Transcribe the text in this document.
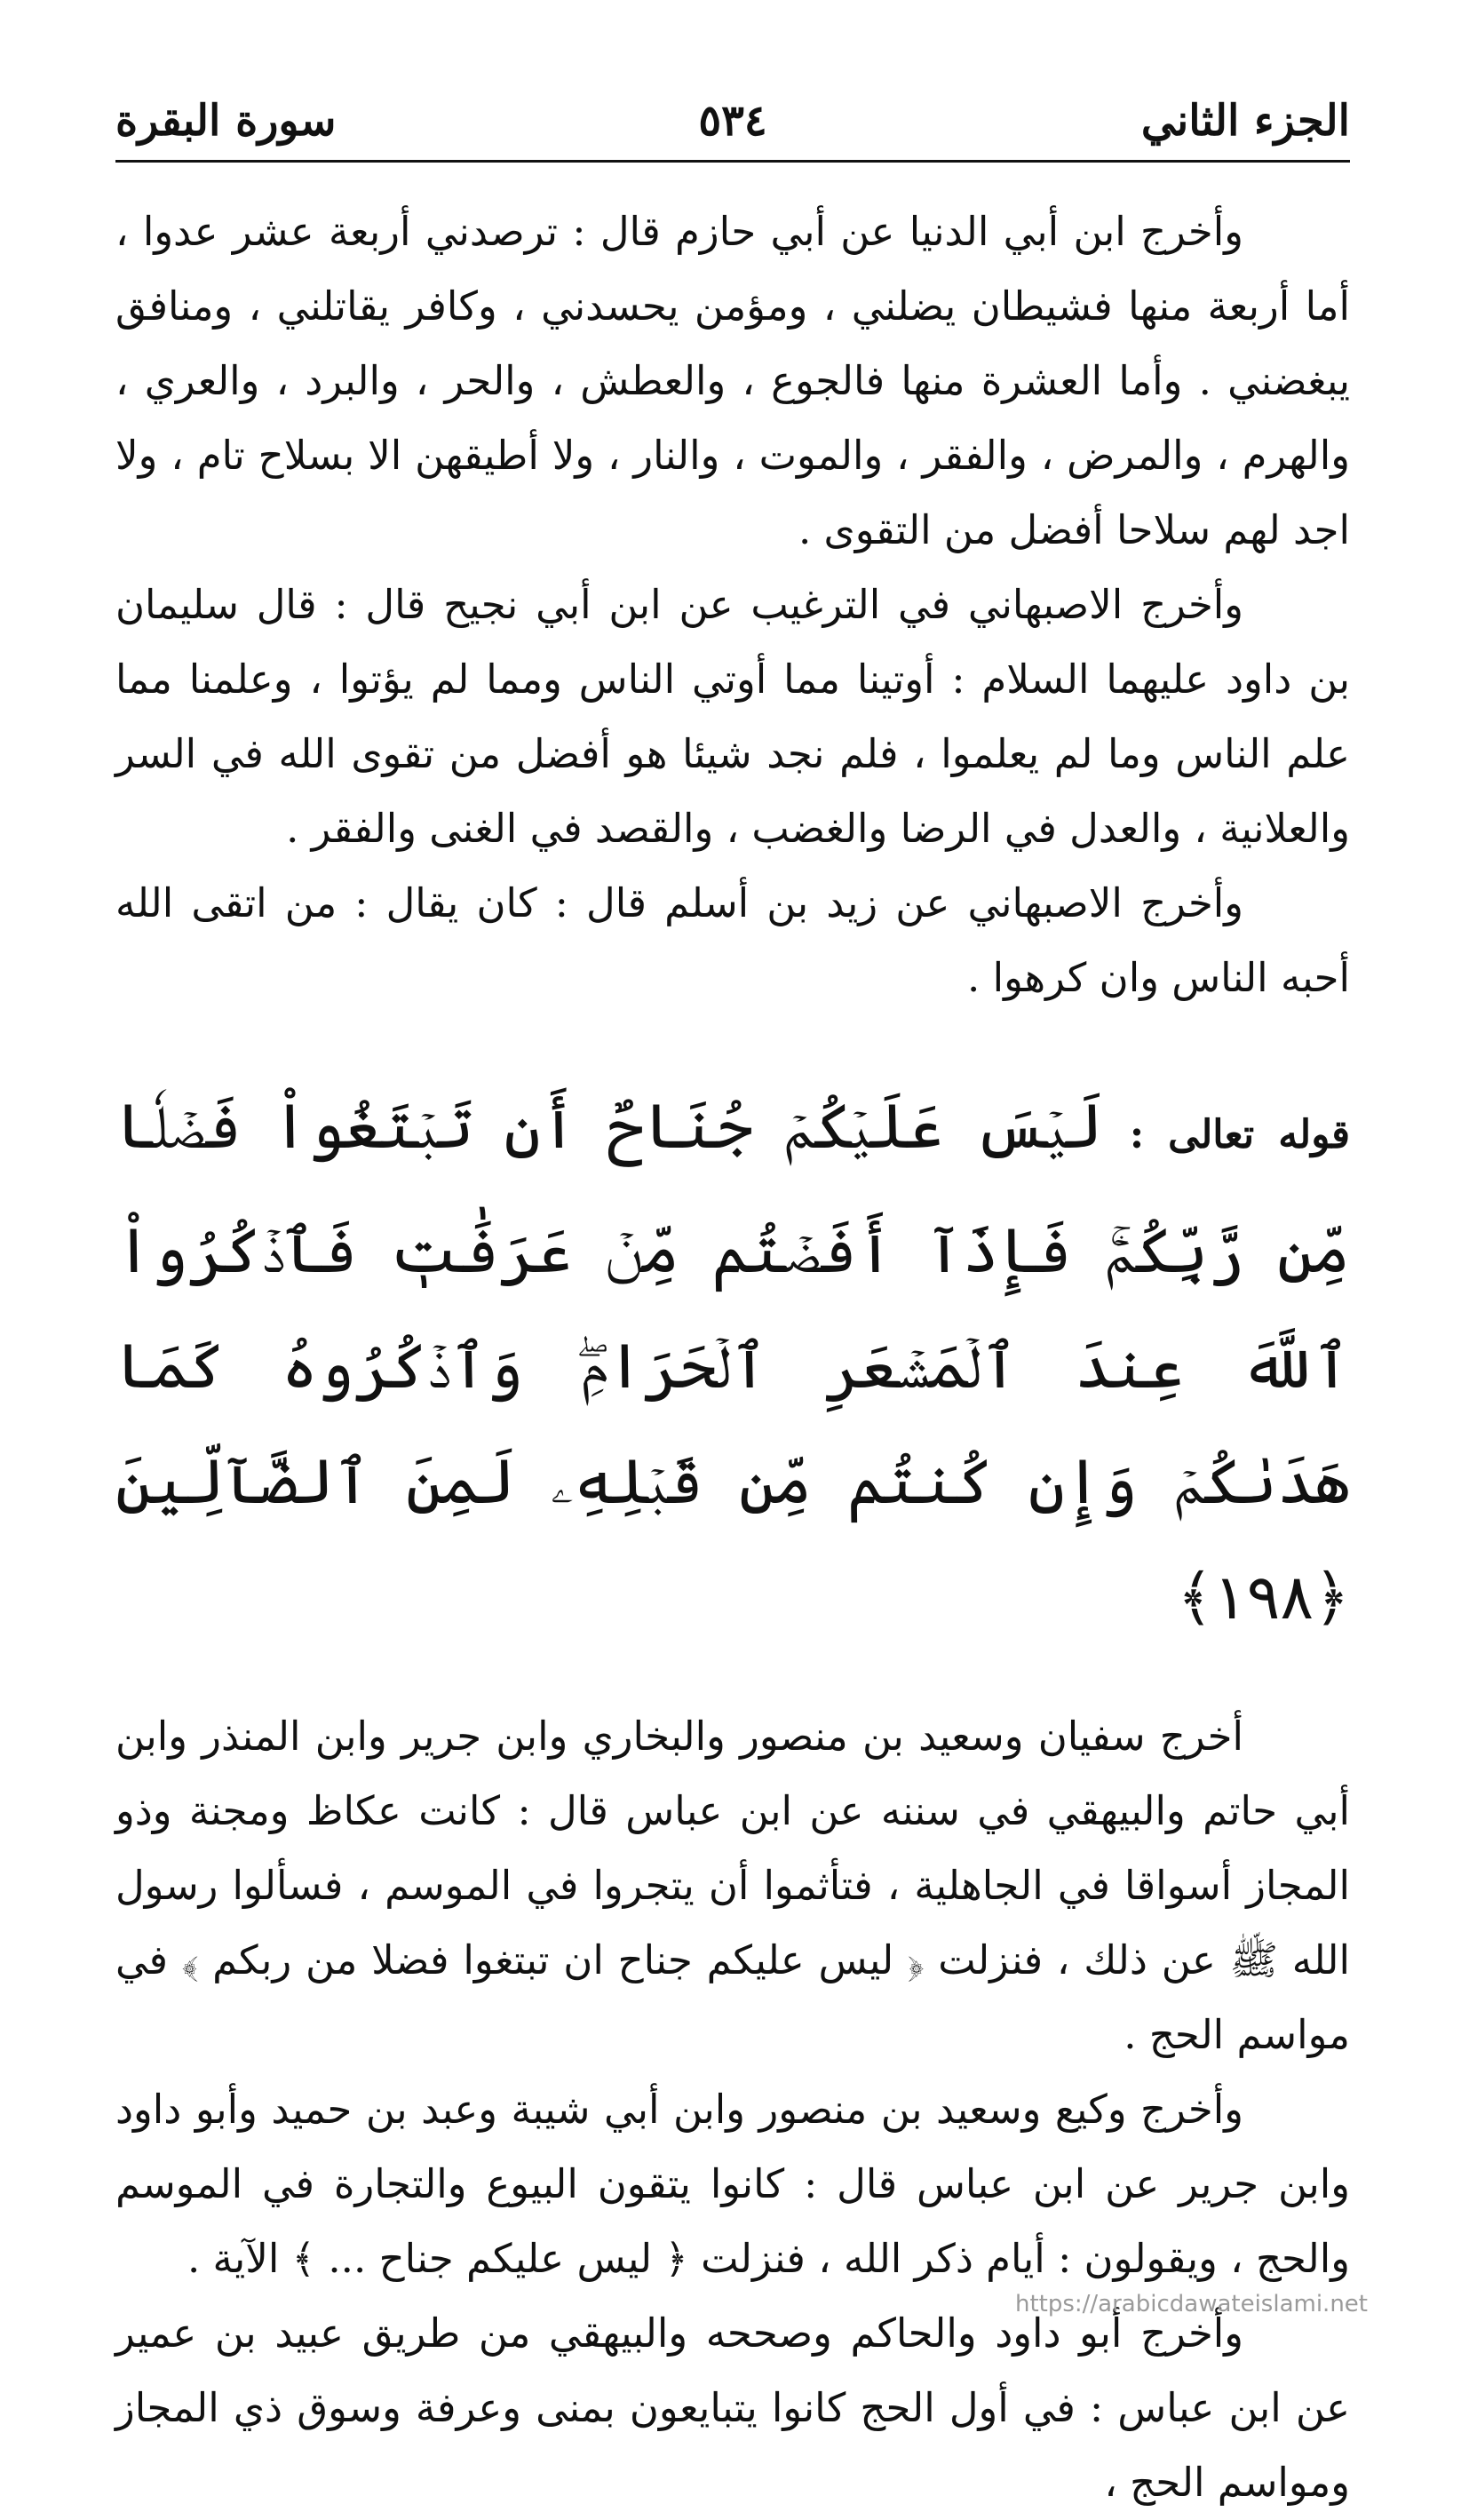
الجزء الثاني
٥٣٤
سورة البقرة

وأخرج ابن أبي الدنيا عن أبي حازم قال : ترصدني أربعة عشر عدوا ، أما أربعة منها فشيطان يضلني ، ومؤمن يحسدني ، وكافر يقاتلني ، ومنافق يبغضني . وأما العشرة منها فالجوع ، والعطش ، والحر ، والبرد ، والعري ، والهرم ، والمرض ، والفقر ، والموت ، والنار ، ولا أطيقهن الا بسلاح تام ، ولا اجد لهم سلاحا أفضل من التقوى .

وأخرج الاصبهاني في الترغيب عن ابن أبي نجيح قال : قال سليمان بن داود عليهما السلام : أوتينا مما أوتي الناس ومما لم يؤتوا ، وعلمنا مما علم الناس وما لم يعلموا ، فلم نجد شيئا هو أفضل من تقوى الله في السر والعلانية ، والعدل في الرضا والغضب ، والقصد في الغنى والفقر .

وأخرج الاصبهاني عن زيد بن أسلم قال : كان يقال : من اتقى الله أحبه الناس وان كرهوا .

قوله تعالى :لَيۡسَ عَلَيۡكُمۡ جُنَاحٌ أَن تَبۡتَغُواْ فَضۡلٗا مِّن رَّبِّكُمۡۚ فَإِذَآ أَفَضۡتُم مِّنۡ عَرَفَٰتٖ فَٱذۡكُرُواْ ٱللَّهَ عِندَ ٱلۡمَشۡعَرِ ٱلۡحَرَامِۖ وَٱذۡكُرُوهُ كَمَا هَدَىٰكُمۡ وَإِن كُنتُم مِّن قَبۡلِهِۦ لَمِنَ ٱلضَّآلِّينَ ﴿١٩٨﴾

أخرج سفيان وسعيد بن منصور والبخاري وابن جرير وابن المنذر وابن أبي حاتم والبيهقي في سننه عن ابن عباس قال : كانت عكاظ ومجنة وذو المجاز أسواقا في الجاهلية ، فتأثموا أن يتجروا في الموسم ، فسألوا رسول الله ﷺ عن ذلك ، فنزلت ﴿ ليس عليكم جناح ان تبتغوا فضلا من ربكم ﴾ في مواسم الحج .

وأخرج وكيع وسعيد بن منصور وابن أبي شيبة وعبد بن حميد وأبو داود وابن جرير عن ابن عباس قال : كانوا يتقون البيوع والتجارة في الموسم والحج ، ويقولون : أيام ذكر الله ، فنزلت ﴿ ليس عليكم جناح ... ﴾ الآية .

وأخرج أبو داود والحاكم وصححه والبيهقي من طريق عبيد بن عمير عن ابن عباس : في أول الحج كانوا يتبايعون بمنى وعرفة وسوق ذي المجاز ومواسم الحج ،

https://arabicdawateislami.net
